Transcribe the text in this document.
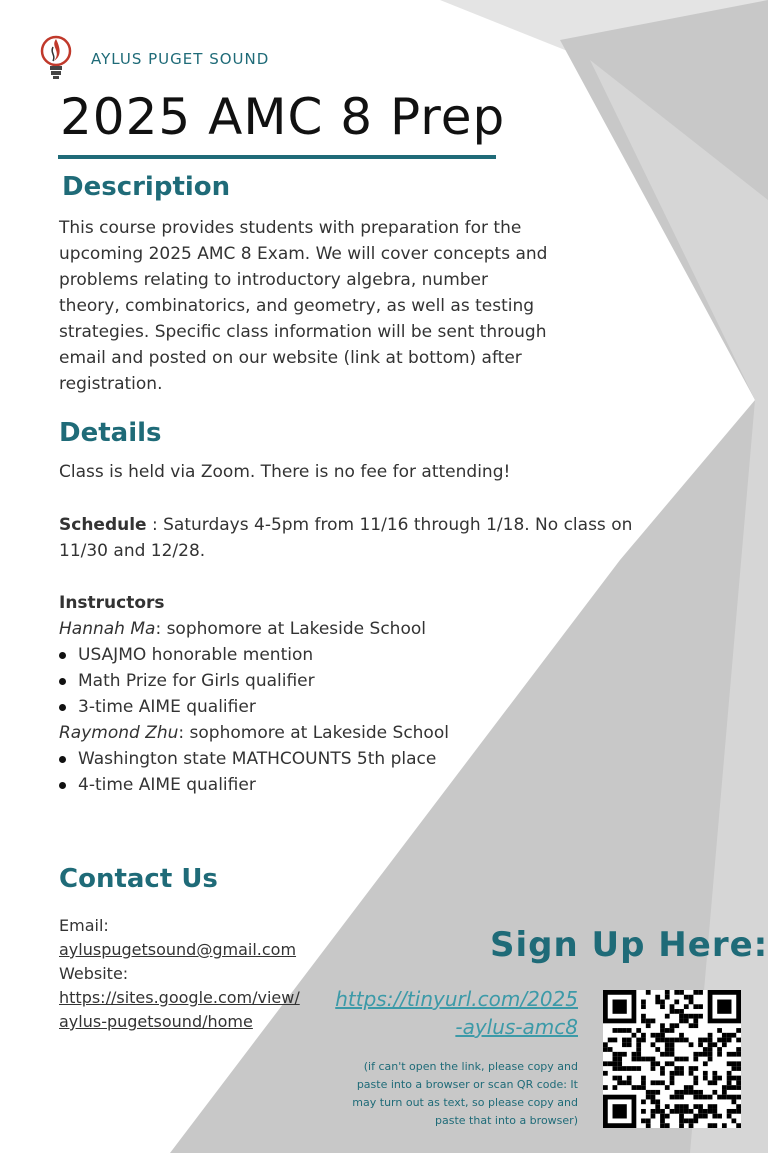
AYLUS PUGET SOUND
2025 AMC 8 Prep
Description
This course provides students with preparation for the upcoming 2025 AMC 8 Exam. We will cover concepts and problems relating to introductory algebra, number theory, combinatorics, and geometry, as well as testing strategies. Specific class information will be sent through email and posted on our website (link at bottom) after registration.
Details
Class is held via Zoom. There is no fee for attending!
Schedule : Saturdays 4-5pm from 11/16 through 1/18. No class on 11/30 and 12/28.
Instructors
Hannah Ma: sophomore at Lakeside School
USAJMO honorable mention
Math Prize for Girls qualifier
3-time AIME qualifier
Raymond Zhu: sophomore at Lakeside School
Washington state MATHCOUNTS 5th place
4-time AIME qualifier
Contact Us
Email:
ayluspugetsound@gmail.com
Website:
https://sites.google.com/view/
aylus-pugetsound/home
Sign Up Here:
https://tinyurl.com/2025
-aylus-amc8
(if can't open the link, please copy and paste into a browser or scan QR code: It may turn out as text, so please copy and paste that into a browser)
